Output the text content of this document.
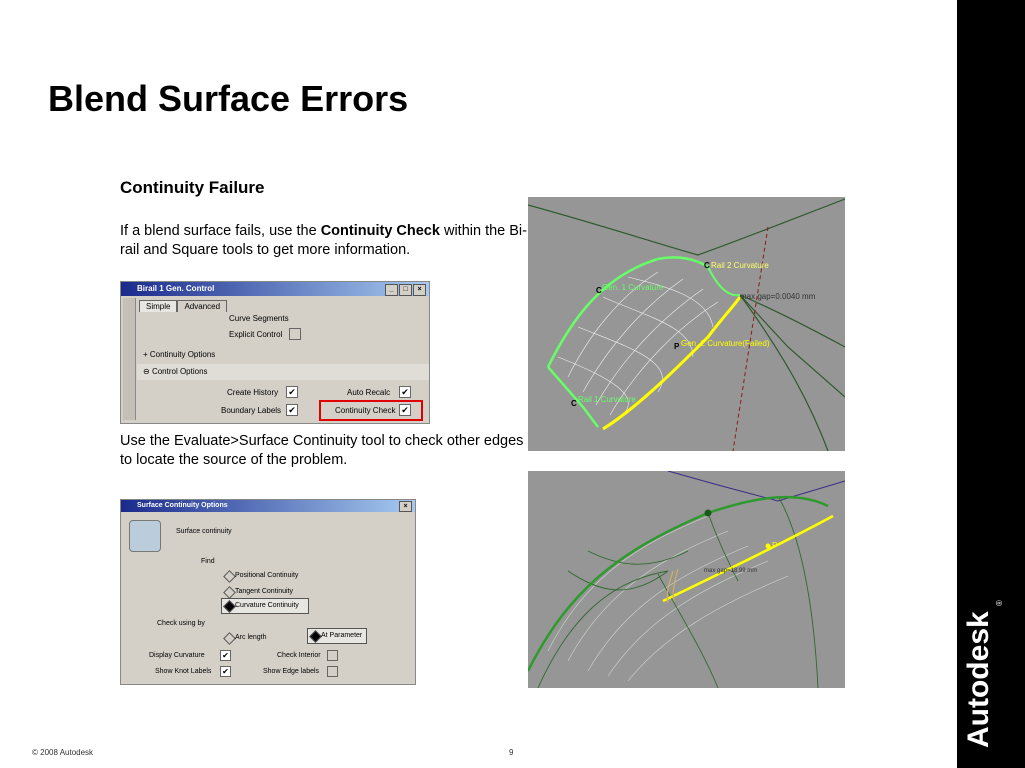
Autodesk
®
Blend Surface Errors
Continuity Failure
If a blend surface fails, use the Continuity Check within the Bi-rail and Square tools to get more information.
Birail 1 Gen. Control	_	□	×
Simple	Advanced
Curve Segments
Explicit Control
+ Continuity Options
⊖ Control Options
Create History ✔	Auto Recalc ✔
Boundary Labels ✔	Continuity Check ✔
C Rail 2 Curvature
C Gen. 1 Curvature
max gap=0.0040 mm
P Gen. 2 Curvature(Failed)
C Rail 1 Curvature
Use the Evaluate>Surface Continuity tool to check other edges to locate the source of the problem.
Surface Continuity Options	×
Surface continuity
Find
Positional Continuity
Tangent Continuity
Curvature Continuity
Check using by
Arc length	At Parameter
Display Curvature ✔	Check Interior
Show Knot Labels ✔	Show Edge labels
P
max gap=18.99 mm
© 2008 Autodesk	9
